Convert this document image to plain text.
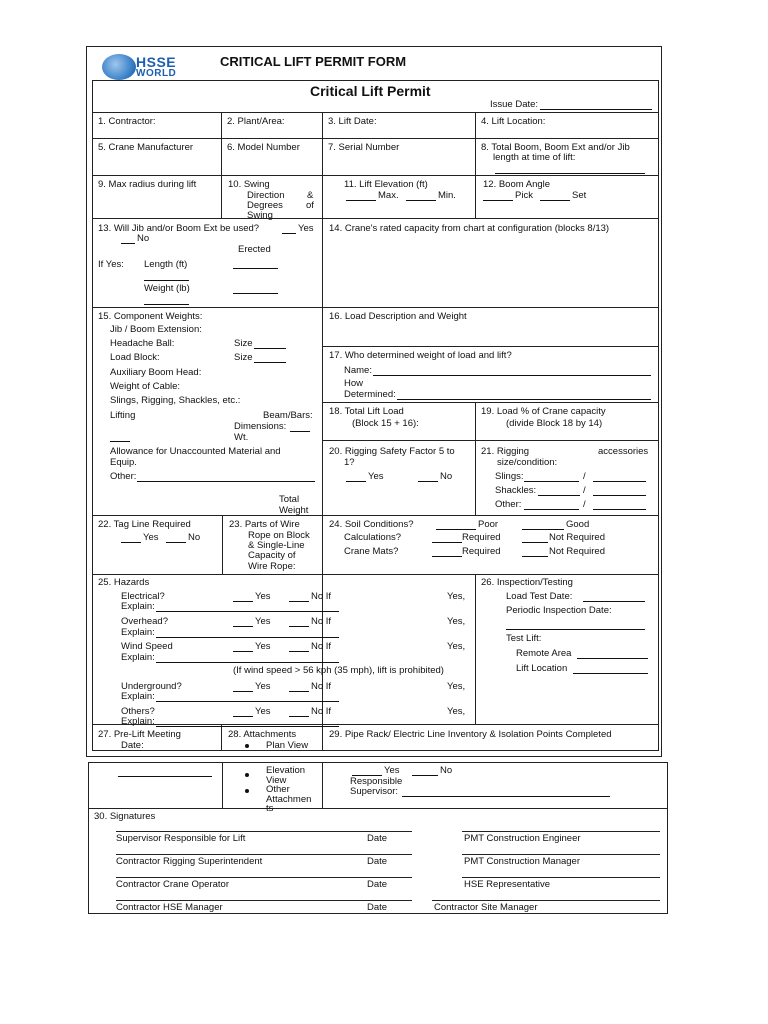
HSSE
WORLD
CRITICAL LIFT PERMIT FORM
Critical Lift Permit
Issue Date:
1. Contractor:	2. Plant/Area:	3. Lift Date:	4. Lift Location:
5. Crane Manufacturer	6. Model Number	7. Serial Number	8. Total Boom, Boom Ext and/or Jib
length at time of lift:
9. Max radius during lift	10. Swing
Direction &
Degrees of
Swing
11. Lift Elevation (ft)
Max.	Min.
12. Boom Angle
Pick	Set
13. Will Jib and/or Boom Ext be used?	Yes
No
Erected
If Yes: Length (ft)
Weight (lb)
14. Crane's rated capacity from chart at configuration (blocks 8/13)
15. Component Weights:
Jib / Boom Extension:
Headache Ball:	Size
Load Block:	Size
Auxiliary Boom Head:
Weight of Cable:
Slings, Rigging, Shackles, etc.:
Lifting	Beam/Bars:
Dimensions:
Wt.
Allowance for Unaccounted Material and
Equip.
Other:
Total
Weight
16. Load Description and Weight
17. Who determined weight of load and lift?
Name:
How
Determined:
18. Total Lift Load
(Block 15 + 16):
19. Load % of Crane capacity
(divide Block 18 by 14)
20. Rigging Safety Factor 5 to
1?
Yes	No
21. Rigging	accessories
size/condition:
Slings:	/
Shackles:	/
Other:	/
22. Tag Line Required
Yes	No
23. Parts of Wire
Rope on Block
& Single-Line
Capacity of
Wire Rope:
24. Soil Conditions?	Poor	Good
Calculations?	Required	Not Required
Crane Mats?	Required	Not Required
25. Hazards
Electrical?	Yes	No If	Yes,
Explain:
Overhead?	Yes	No If	Yes,
Explain:
Wind Speed	Yes	No If	Yes,
Explain:
(If wind speed > 56 kph (35 mph), lift is prohibited)
Underground?	Yes	No If	Yes,
Explain:
Others?	Yes	No If	Yes,
Explain:
26. Inspection/Testing
Load Test Date:
Periodic Inspection Date:
Test Lift:
Remote Area
Lift Location
27. Pre-Lift Meeting
Date:
28. Attachments
Plan View
29. Pipe Rack/ Electric Line Inventory & Isolation Points Completed
Elevation
View
Other
Attachmen
ts
Yes	No
Responsible
Supervisor:
30. Signatures
Supervisor Responsible for Lift	Date	PMT Construction Engineer
Contractor Rigging Superintendent	Date	PMT Construction Manager
Contractor Crane Operator	Date	HSE Representative
Contractor HSE Manager	Date	Contractor Site Manager
